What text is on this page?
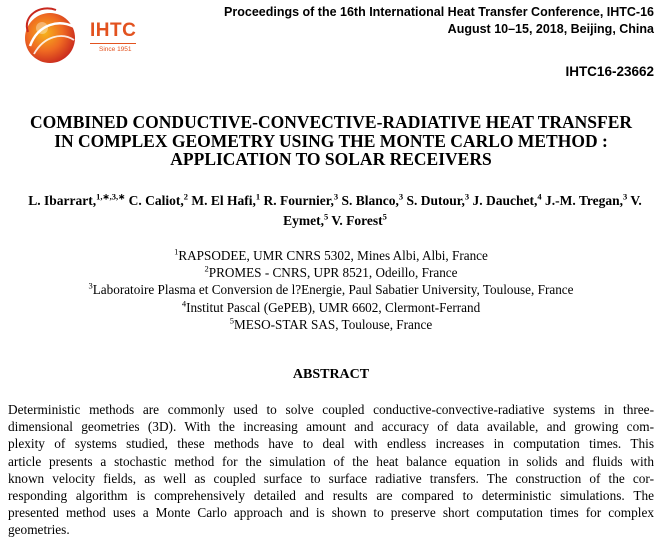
IHTC
Since 1951
Proceedings of the 16th International Heat Transfer Conference, IHTC-16
August 10–15, 2018, Beijing, China
IHTC16-23662
COMBINED CONDUCTIVE-CONVECTIVE-RADIATIVE HEAT TRANSFER
IN COMPLEX GEOMETRY USING THE MONTE CARLO METHOD :
APPLICATION TO SOLAR RECEIVERS
L. Ibarrart,$^{1,∗,3,∗}$ C. Caliot,$^2$ M. El Hafi,$^1$ R. Fournier,$^3$ S. Blanco,$^3$ S. Dutour,$^3$ J. Dauchet,$^4$ J.-M. Tregan,$^3$ V. Eymet,$^5$ V. Forest$^5$
$^1$RAPSODEE, UMR CNRS 5302, Mines Albi, Albi, France
$^2$PROMES - CNRS, UPR 8521, Odeillo, France
$^3$Laboratoire Plasma et Conversion de l?Energie, Paul Sabatier University, Toulouse, France
$^4$Institut Pascal (GePEB), UMR 6602, Clermont-Ferrand
$^5$MESO-STAR SAS, Toulouse, France
ABSTRACT
Deterministic methods are commonly used to solve coupled conductive-convective-radiative systems in three-
dimensional geometries (3D). With the increasing amount and accuracy of data available, and growing com-
plexity of systems studied, these methods have to deal with endless increases in computation times. This
article presents a stochastic method for the simulation of the heat balance equation in solids and fluids with
known velocity fields, as well as coupled surface to surface radiative transfers. The construction of the cor-
responding algorithm is comprehensively detailed and results are compared to deterministic simulations. The
presented method uses a Monte Carlo approach and is shown to preserve short computation times for complex
geometries.
